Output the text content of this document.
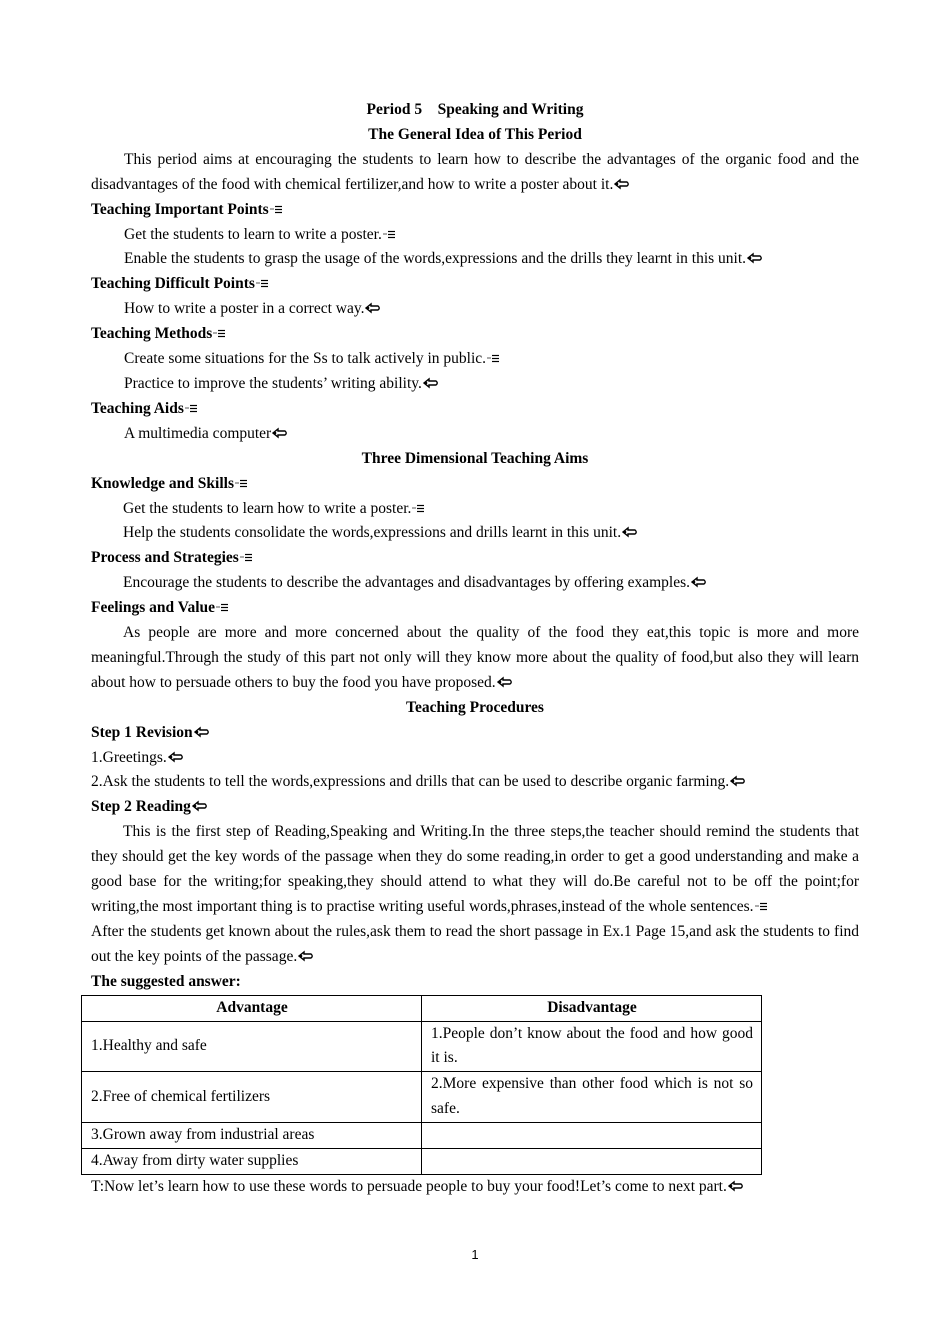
Period 5    Speaking and Writing
The General Idea of This Period
This period aims at encouraging the students to learn how to describe the advantages of the organic food and the disadvantages of the food with chemical fertilizer,and how to write a poster about it.
Teaching Important Points
Get the students to learn to write a poster.
Enable the students to grasp the usage of the words,expressions and the drills they learnt in this unit.
Teaching Difficult Points
How to write a poster in a correct way.
Teaching Methods
Create some situations for the Ss to talk actively in public.
Practice to improve the students’ writing ability.
Teaching Aids
A multimedia computer
Three Dimensional Teaching Aims
Knowledge and Skills
Get the students to learn how to write a poster.
Help the students consolidate the words,expressions and drills learnt in this unit.
Process and Strategies
Encourage the students to describe the advantages and disadvantages by offering examples.
Feelings and Value
As people are more and more concerned about the quality of the food they eat,this topic is more and more meaningful.Through the study of this part not only will they know more about the quality of food,but also they will learn about how to persuade others to buy the food you have proposed.
Teaching Procedures
Step 1 Revision
1.Greetings.
2.Ask the students to tell the words,expressions and drills that can be used to describe organic farming.
Step 2 Reading
This is the first step of Reading,Speaking and Writing.In the three steps,the teacher should remind the students that they should get the key words of the passage when they do some reading,in order to get a good understanding and make a good base for the writing;for speaking,they should attend to what they will do.Be careful not to be off the point;for writing,the most important thing is to practise writing useful words,phrases,instead of the whole sentences.
After the students get known about the rules,ask them to read the short passage in Ex.1 Page 15,and ask the students to find out the key points of the passage.
The suggested answer:
Advantage	Disadvantage
1.Healthy and safe	1.People don’t know about the food and how good it is.
2.Free of chemical fertilizers	2.More expensive than other food which is not so safe.
3.Grown away from industrial areas	
4.Away from dirty water supplies	
T:Now let’s learn how to use these words to persuade people to buy your food!Let’s come to next part.
1
